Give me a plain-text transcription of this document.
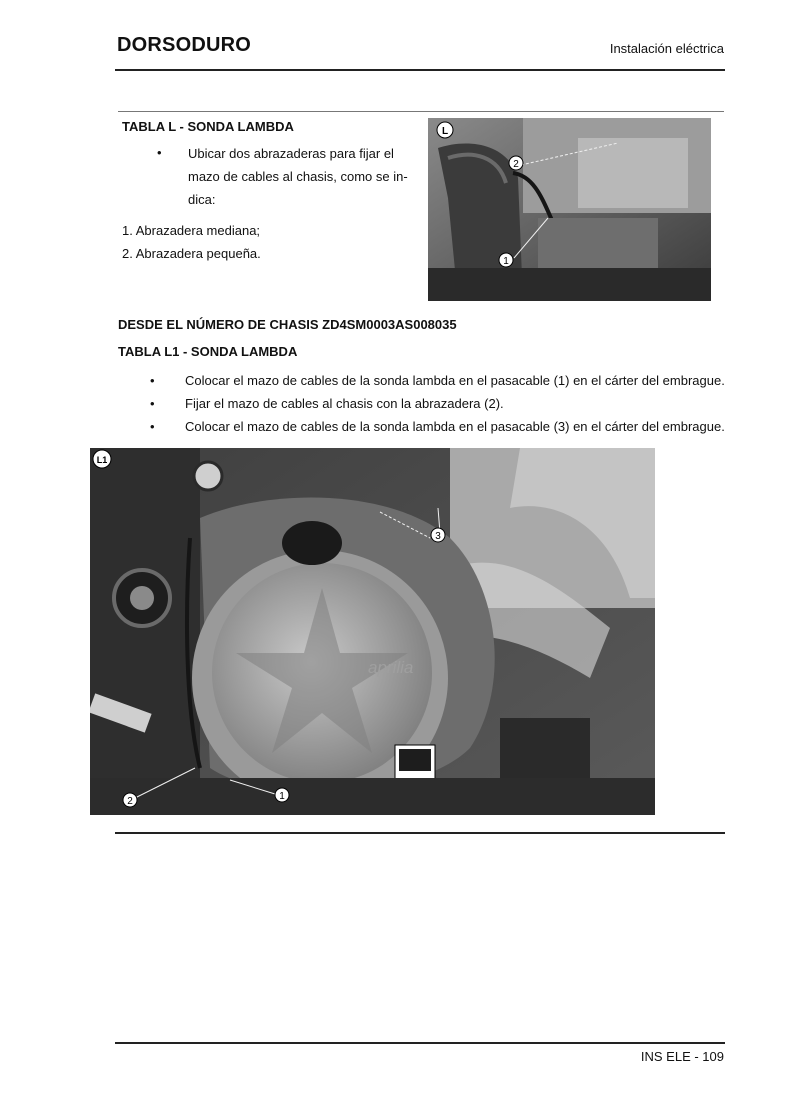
DORSODURO	Instalación eléctrica
TABLA L - SONDA LAMBDA
• Ubicar dos abrazaderas para fijar el
mazo de cables al chasis, como se in-
dica:
1. Abrazadera mediana;
2. Abrazadera pequeña.
L
2
1
DESDE EL NÚMERO DE CHASIS ZD4SM0003AS008035
TABLA L1 - SONDA LAMBDA
•	Colocar el mazo de cables de la sonda lambda en el pasacable (1) en el cárter del embrague.
•	Fijar el mazo de cables al chasis con la abrazadera (2).
•	Colocar el mazo de cables de la sonda lambda en el pasacable (3) en el cárter del embrague.
aprilia
L1
3
2	1
INS ELE - 109
